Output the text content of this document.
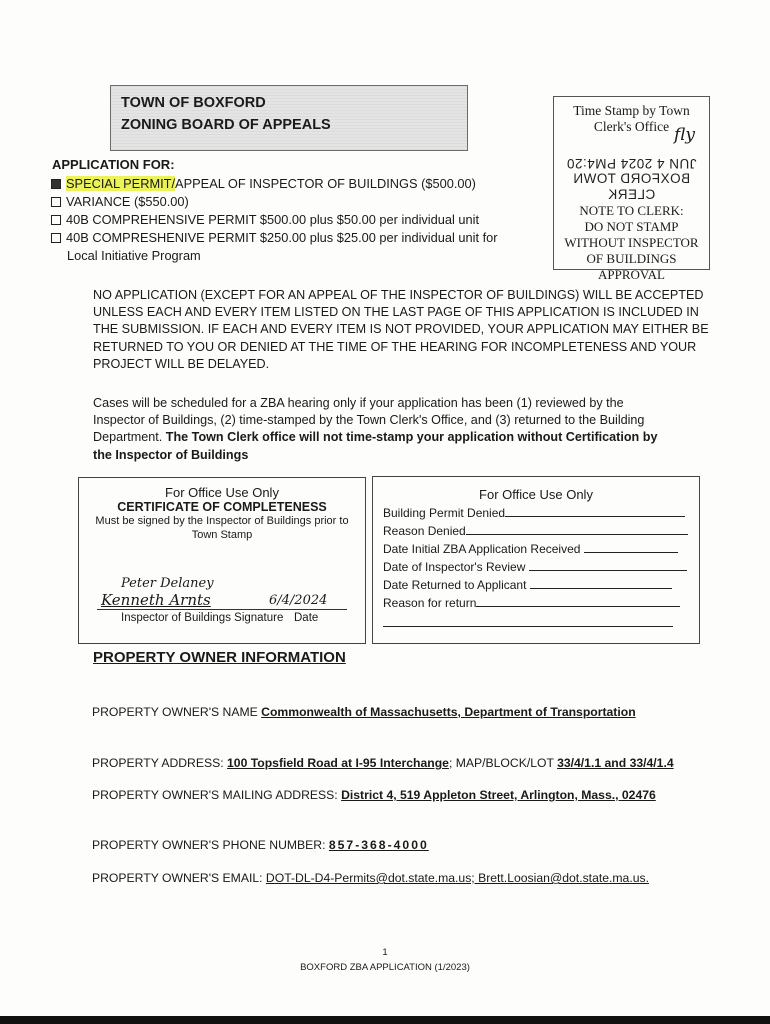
TOWN OF BOXFORD
ZONING BOARD OF APPEALS
Time Stamp by Town
Clerk's Office fly
JUN 4 2024 PM4:20
BOXFORD TOWN CLERK
NOTE TO CLERK:
DO NOT STAMP
WITHOUT INSPECTOR
OF BUILDINGS
APPROVAL
APPLICATION FOR:
SPECIAL PERMIT/APPEAL OF INSPECTOR OF BUILDINGS ($500.00)
VARIANCE ($550.00)
40B COMPREHENSIVE PERMIT $500.00 plus $50.00 per individual unit
40B COMPRESHENIVE PERMIT $250.00 plus $25.00 per individual unit for
Local Initiative Program
NO APPLICATION (EXCEPT FOR AN APPEAL OF THE INSPECTOR OF BUILDINGS) WILL BE ACCEPTED
UNLESS EACH AND EVERY ITEM LISTED ON THE LAST PAGE OF THIS APPLICATION IS INCLUDED IN
THE SUBMISSION. IF EACH AND EVERY ITEM IS NOT PROVIDED, YOUR APPLICATION MAY EITHER BE
RETURNED TO YOU OR DENIED AT THE TIME OF THE HEARING FOR INCOMPLETENESS AND YOUR
PROJECT WILL BE DELAYED.
Cases will be scheduled for a ZBA hearing only if your application has been (1) reviewed by the
Inspector of Buildings, (2) time-stamped by the Town Clerk's Office, and (3) returned to the Building
Department. The Town Clerk office will not time-stamp your application without Certification by
the Inspector of Buildings
For Office Use Only
CERTIFICATE OF COMPLETENESS
Must be signed by the Inspector of Buildings prior to
Town Stamp
Peter Delaney
Kenneth Arnts	6/4/2024
Inspector of Buildings Signature Date
For Office Use Only
Building Permit Denied
Reason Denied
Date Initial ZBA Application Received
Date of Inspector's Review
Date Returned to Applicant
Reason for return
PROPERTY OWNER INFORMATION
PROPERTY OWNER'S NAME Commonwealth of Massachusetts, Department of Transportation
PROPERTY ADDRESS: 100 Topsfield Road at I-95 Interchange; MAP/BLOCK/LOT 33/4/1.1 and 33/4/1.4
PROPERTY OWNER'S MAILING ADDRESS: District 4, 519 Appleton Street, Arlington, Mass., 02476
PROPERTY OWNER'S PHONE NUMBER: 857-368-4000
PROPERTY OWNER'S EMAIL: DOT-DL-D4-Permits@dot.state.ma.us; Brett.Loosian@dot.state.ma.us.
1
BOXFORD ZBA APPLICATION (1/2023)
